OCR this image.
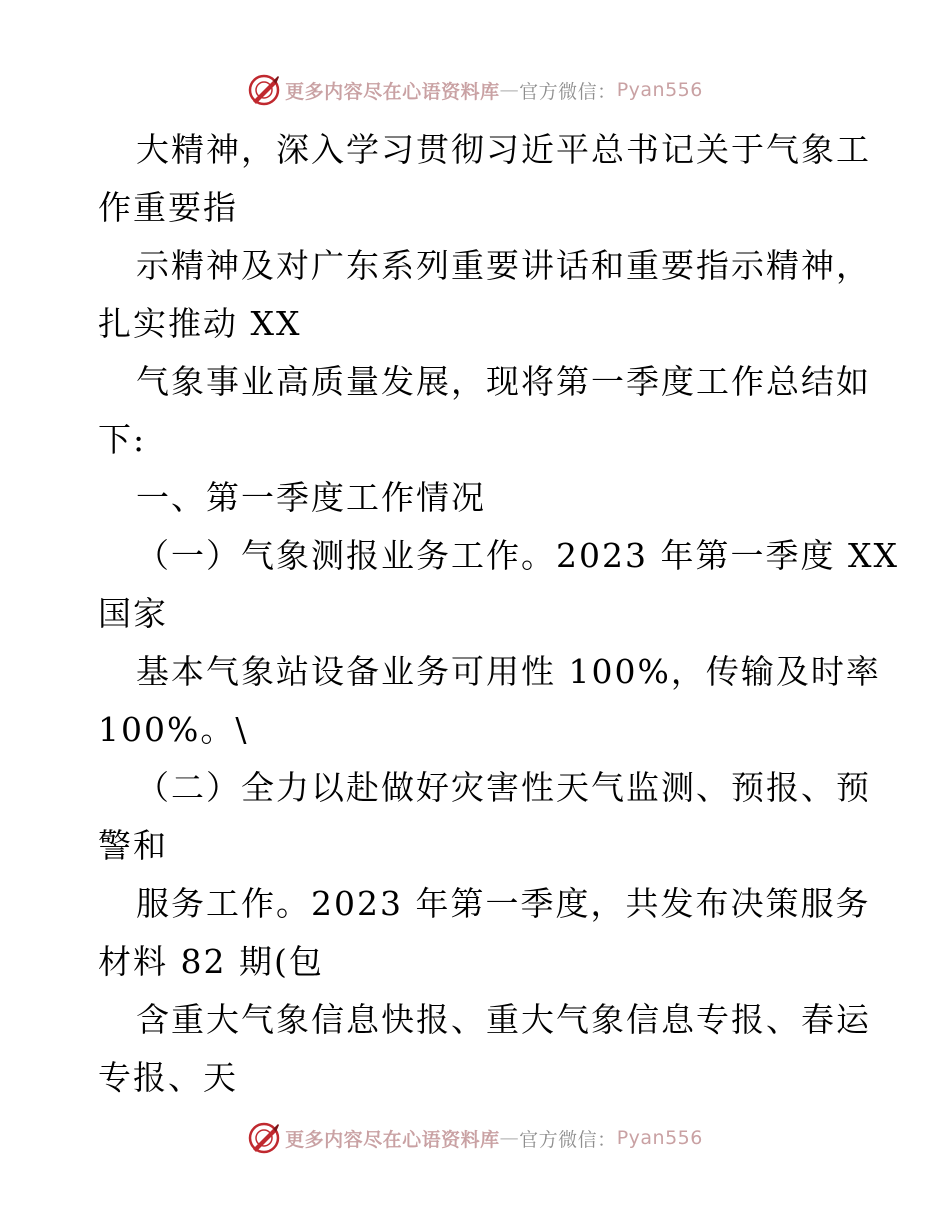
更多内容尽在心语资料库 — 官方微信： Pyan556
大精神，深入学习贯彻习近平总书记关于气象工
作重要指
示精神及对广东系列重要讲话和重要指示精神，
扎实推动 XX
气象事业高质量发展，现将第一季度工作总结如
下:
一、第一季度工作情况
（一）气象测报业务工作。2023 年第一季度 XX
国家
基本气象站设备业务可用性 100%，传输及时率
100%。\
（二）全力以赴做好灾害性天气监测、预报、预
警和
服务工作。2023 年第一季度，共发布决策服务
材料 82 期(包
含重大气象信息快报、重大气象信息专报、春运
专报、天
更多内容尽在心语资料库 — 官方微信： Pyan556
